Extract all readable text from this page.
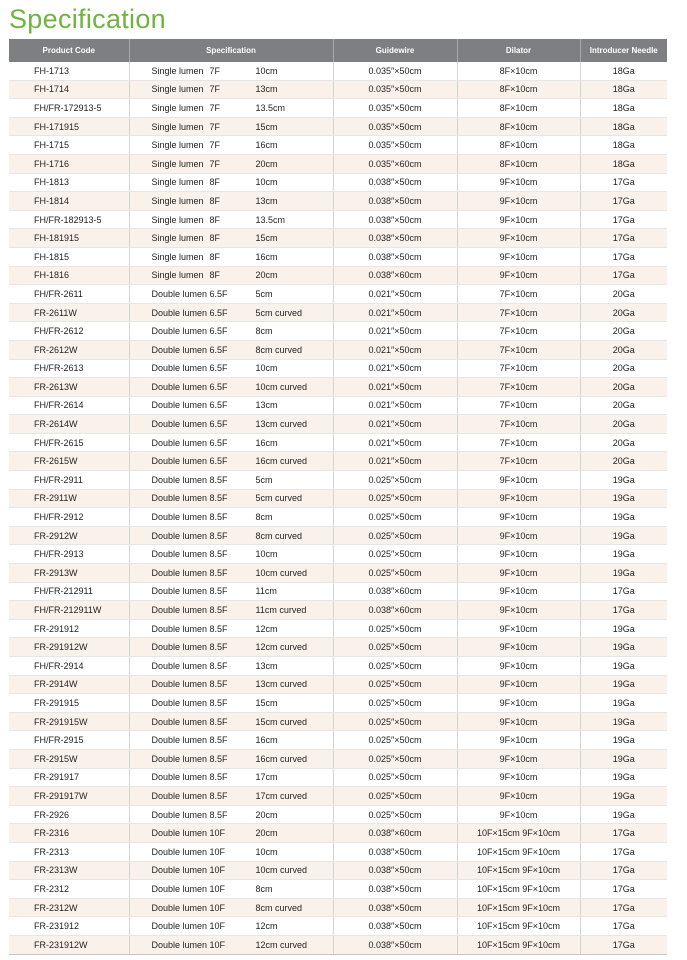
Specification
Product Code	Specification	Guidewire	Dilator	Introducer Needle
FH-1713	Single lumen 7F 10cm	0.035″×50cm	8F×10cm	18Ga
FH-1714	Single lumen 7F 13cm	0.035″×50cm	8F×10cm	18Ga
FH/FR-172913-5	Single lumen 7F 13.5cm	0.035″×50cm	8F×10cm	18Ga
FH-171915	Single lumen 7F 15cm	0.035″×50cm	8F×10cm	18Ga
FH-1715	Single lumen 7F 16cm	0.035″×50cm	8F×10cm	18Ga
FH-1716	Single lumen 7F 20cm	0.035″×60cm	8F×10cm	18Ga
FH-1813	Single lumen 8F 10cm	0.038″×50cm	9F×10cm	17Ga
FH-1814	Single lumen 8F 13cm	0.038″×50cm	9F×10cm	17Ga
FH/FR-182913-5	Single lumen 8F 13.5cm	0.038″×50cm	9F×10cm	17Ga
FH-181915	Single lumen 8F 15cm	0.038″×50cm	9F×10cm	17Ga
FH-1815	Single lumen 8F 16cm	0.038″×50cm	9F×10cm	17Ga
FH-1816	Single lumen 8F 20cm	0.038″×60cm	9F×10cm	17Ga
FH/FR-2611	Double lumen 6.5F 5cm	0.021″×50cm	7F×10cm	20Ga
FR-2611W	Double lumen 6.5F 5cm curved	0.021″×50cm	7F×10cm	20Ga
FH/FR-2612	Double lumen 6.5F 8cm	0.021″×50cm	7F×10cm	20Ga
FR-2612W	Double lumen 6.5F 8cm curved	0.021″×50cm	7F×10cm	20Ga
FH/FR-2613	Double lumen 6.5F 10cm	0.021″×50cm	7F×10cm	20Ga
FR-2613W	Double lumen 6.5F 10cm curved	0.021″×50cm	7F×10cm	20Ga
FH/FR-2614	Double lumen 6.5F 13cm	0.021″×50cm	7F×10cm	20Ga
FR-2614W	Double lumen 6.5F 13cm curved	0.021″×50cm	7F×10cm	20Ga
FH/FR-2615	Double lumen 6.5F 16cm	0.021″×50cm	7F×10cm	20Ga
FR-2615W	Double lumen 6.5F 16cm curved	0.021″×50cm	7F×10cm	20Ga
FH/FR-2911	Double lumen 8.5F 5cm	0.025″×50cm	9F×10cm	19Ga
FR-2911W	Double lumen 8.5F 5cm curved	0.025″×50cm	9F×10cm	19Ga
FH/FR-2912	Double lumen 8.5F 8cm	0.025″×50cm	9F×10cm	19Ga
FR-2912W	Double lumen 8.5F 8cm curved	0.025″×50cm	9F×10cm	19Ga
FH/FR-2913	Double lumen 8.5F 10cm	0.025″×50cm	9F×10cm	19Ga
FR-2913W	Double lumen 8.5F 10cm curved	0.025″×50cm	9F×10cm	19Ga
FH/FR-212911	Double lumen 8.5F 11cm	0.038″×60cm	9F×10cm	17Ga
FH/FR-212911W	Double lumen 8.5F 11cm curved	0.038″×60cm	9F×10cm	17Ga
FR-291912	Double lumen 8.5F 12cm	0.025″×50cm	9F×10cm	19Ga
FR-291912W	Double lumen 8.5F 12cm curved	0.025″×50cm	9F×10cm	19Ga
FH/FR-2914	Double lumen 8.5F 13cm	0.025″×50cm	9F×10cm	19Ga
FR-2914W	Double lumen 8.5F 13cm curved	0.025″×50cm	9F×10cm	19Ga
FR-291915	Double lumen 8.5F 15cm	0.025″×50cm	9F×10cm	19Ga
FR-291915W	Double lumen 8.5F 15cm curved	0.025″×50cm	9F×10cm	19Ga
FH/FR-2915	Double lumen 8.5F 16cm	0.025″×50cm	9F×10cm	19Ga
FR-2915W	Double lumen 8.5F 16cm curved	0.025″×50cm	9F×10cm	19Ga
FR-291917	Double lumen 8.5F 17cm	0.025″×50cm	9F×10cm	19Ga
FR-291917W	Double lumen 8.5F 17cm curved	0.025″×50cm	9F×10cm	19Ga
FR-2926	Double lumen 8.5F 20cm	0.025″×50cm	9F×10cm	19Ga
FR-2316	Double lumen 10F 20cm	0.038″×60cm	10F×15cm 9F×10cm	17Ga
FR-2313	Double lumen 10F 10cm	0.038″×50cm	10F×15cm 9F×10cm	17Ga
FR-2313W	Double lumen 10F 10cm curved	0.038″×50cm	10F×15cm 9F×10cm	17Ga
FR-2312	Double lumen 10F 8cm	0.038″×50cm	10F×15cm 9F×10cm	17Ga
FR-2312W	Double lumen 10F 8cm curved	0.038″×50cm	10F×15cm 9F×10cm	17Ga
FR-231912	Double lumen 10F 12cm	0.038″×50cm	10F×15cm 9F×10cm	17Ga
FR-231912W	Double lumen 10F 12cm curved	0.038″×50cm	10F×15cm 9F×10cm	17Ga
